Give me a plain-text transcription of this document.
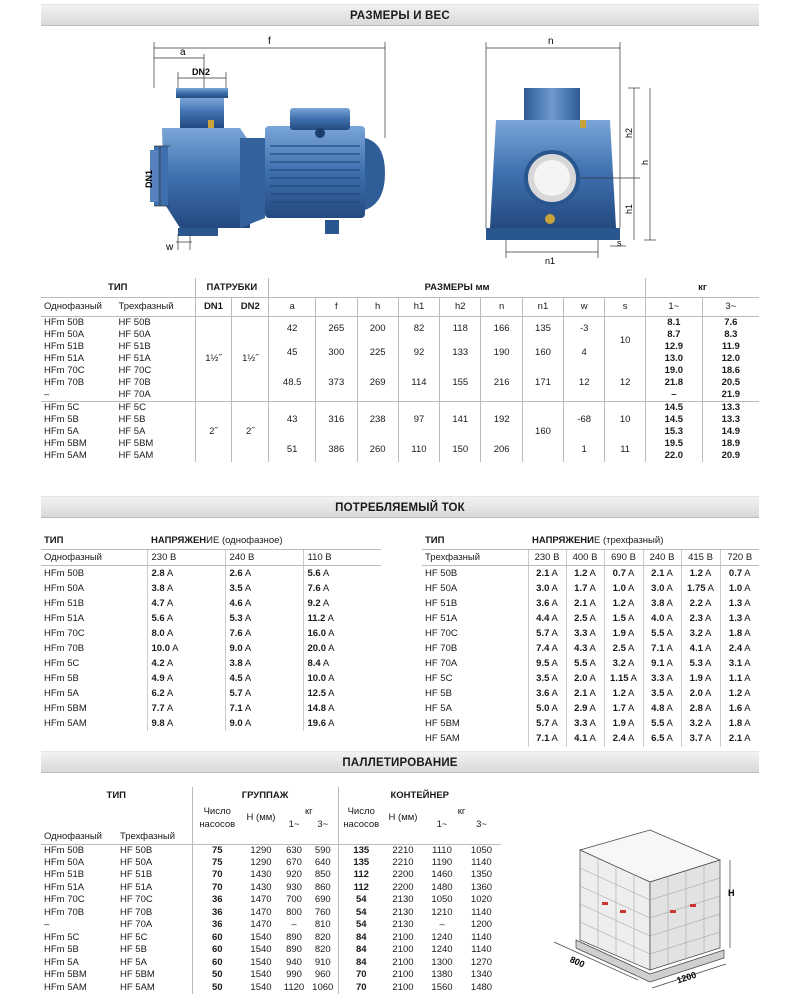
РАЗМЕРЫ И ВЕС
ПОТРЕБЛЯЕМЫЙ ТОК
ПАЛЛЕТИРОВАНИЕ
f
a
DN2
DN1
w
n
h2
h
h1
n1
s
ТИП		ПАТРУБКИ		РАЗМЕРЫ мм									кг	
Однофазный	Трехфазный	DN1	DN2	a	f	h	h1	h2	n	n1	w	s	1~	3~
HFm 50B	HF 50B	1½˝	1½˝	42	265	200	82	118	166	135	-3	10	8.1	7.6
HFm 50A	HF 50A												8.7	8.3
HFm 51B	HF 51B			45	300	225	92	133	190	160	4		12.9	11.9
HFm 51A	HF 51A												13.0	12.0
HFm 70C	HF 70C			48.5	373	269	114	155	216	171	12	12	19.0	18.6
HFm 70B	HF 70B												21.8	20.5
–	HF 70A												–	21.9
HFm 5C	HF 5C	2˝	2˝	43	316	238	97	141	192	160	-68	10	14.5	13.3
HFm 5B	HF 5B												14.5	13.3
HFm 5A	HF 5A												15.3	14.9
HFm 5BM	HF 5BM			51	386	260	110	150	206		1	11	19.5	18.9
HFm 5AM	HF 5AM												22.0	20.9
ТИП	НАПРЯЖЕНИЕ (однофазное)		
Однофазный	230 В	240 В	110 В
HFm 50B	2.8 A	2.6 A	5.6 A
HFm 50A	3.8 A	3.5 A	7.6 A
HFm 51B	4.7 A	4.6 A	9.2 A
HFm 51A	5.6 A	5.3 A	11.2 A
HFm 70C	8.0 A	7.6 A	16.0 A
HFm 70B	10.0 A	9.0 A	20.0 A
HFm 5C	4.2 A	3.8 A	8.4 A
HFm 5B	4.9 A	4.5 A	10.0 A
HFm 5A	6.2 A	5.7 A	12.5 A
HFm 5BM	7.7 A	7.1 A	14.8 A
HFm 5AM	9.8 A	9.0 A	19.6 A
ТИП	НАПРЯЖЕНИЕ (трехфазный)					
Трехфазный	230 В	400 В	690 В	240 В	415 В	720 В
HF 50B	2.1 A	1.2 A	0.7 A	2.1 A	1.2 A	0.7 A
HF 50A	3.0 A	1.7 A	1.0 A	3.0 A	1.75 A	1.0 A
HF 51B	3.6 A	2.1 A	1.2 A	3.8 A	2.2 A	1.3 A
HF 51A	4.4 A	2.5 A	1.5 A	4.0 A	2.3 A	1.3 A
HF 70C	5.7 A	3.3 A	1.9 A	5.5 A	3.2 A	1.8 A
HF 70B	7.4 A	4.3 A	2.5 A	7.1 A	4.1 A	2.4 A
HF 70A	9.5 A	5.5 A	3.2 A	9.1 A	5.3 A	3.1 A
HF 5C	3.5 A	2.0 A	1.15 A	3.3 A	1.9 A	1.1 A
HF 5B	3.6 A	2.1 A	1.2 A	3.5 A	2.0 A	1.2 A
HF 5A	5.0 A	2.9 A	1.7 A	4.8 A	2.8 A	1.6 A
HF 5BM	5.7 A	3.3 A	1.9 A	5.5 A	3.2 A	1.8 A
HF 5AM	7.1 A	4.1 A	2.4 A	6.5 A	3.7 A	2.1 A
ТИП		ГРУППАЖ				КОНТЕЙНЕР			
		Число	H (мм)	кг		Число	H (мм)	кг	
		насосов		1~	3~	насосов		1~	3~
Однофазный	Трехфазный								
HFm 50B	HF 50B	75	1290	630	590	135	2210	1110	1050
HFm 50A	HF 50A	75	1290	670	640	135	2210	1190	1140
HFm 51B	HF 51B	70	1430	920	850	112	2200	1460	1350
HFm 51A	HF 51A	70	1430	930	860	112	2200	1480	1360
HFm 70C	HF 70C	36	1470	700	690	54	2130	1050	1020
HFm 70B	HF 70B	36	1470	800	760	54	2130	1210	1140
–	HF 70A	36	1470	–	810	54	2130	–	1200
HFm 5C	HF 5C	60	1540	890	820	84	2100	1240	1140
HFm 5B	HF 5B	60	1540	890	820	84	2100	1240	1140
HFm 5A	HF 5A	60	1540	940	910	84	2100	1300	1270
HFm 5BM	HF 5BM	50	1540	990	960	70	2100	1380	1340
HFm 5AM	HF 5AM	50	1540	1120	1060	70	2100	1560	1480
H
800
1200
